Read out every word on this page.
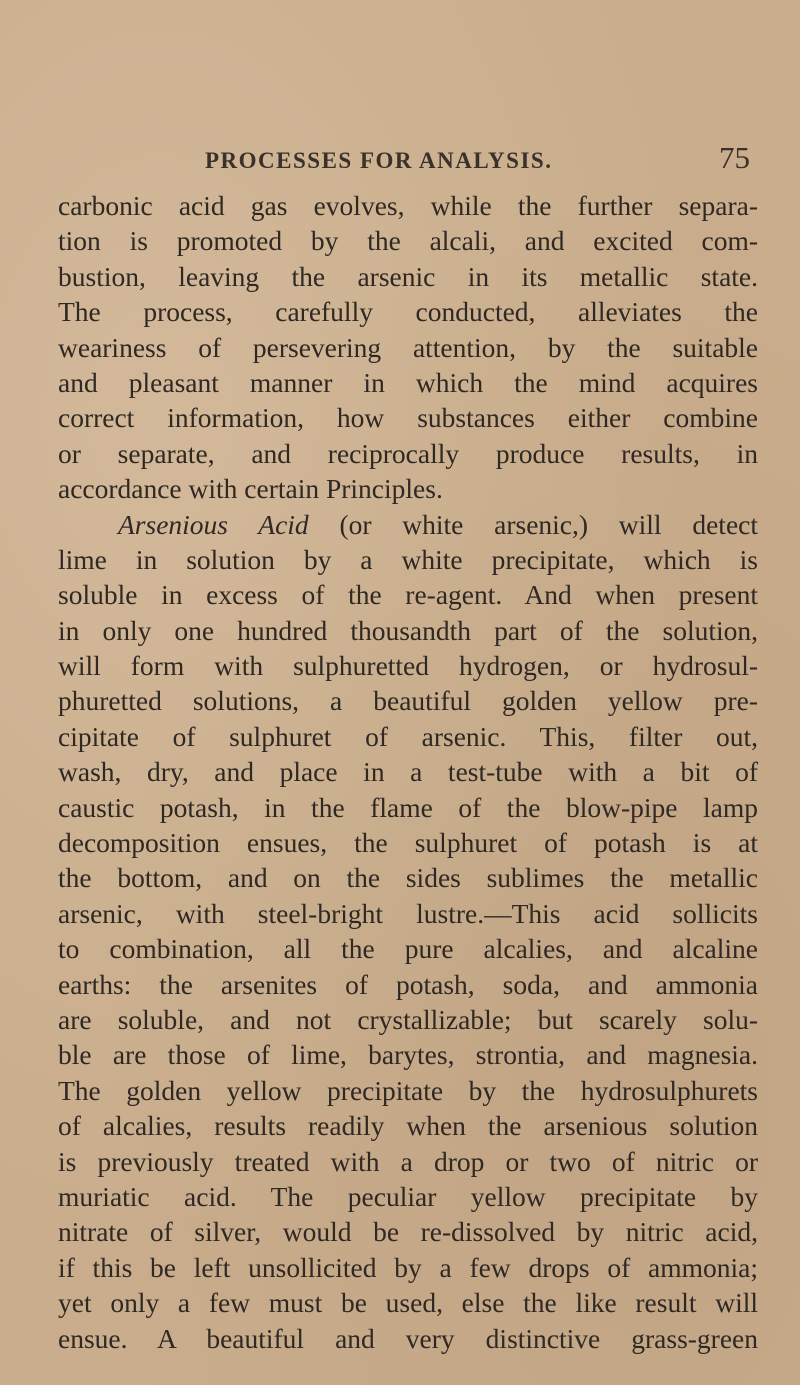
PROCESSES FOR ANALYSIS.	75
carbonic acid gas evolves, while the further separa-
tion is promoted by the alcali, and excited com-
bustion, leaving the arsenic in its metallic state.
The process, carefully conducted, alleviates the
weariness of persevering attention, by the suitable
and pleasant manner in which the mind acquires
correct information, how substances either combine
or separate, and reciprocally produce results, in
accordance with certain Principles.
Arsenious Acid (or white arsenic,) will detect
lime in solution by a white precipitate, which is
soluble in excess of the re-agent. And when present
in only one hundred thousandth part of the solution,
will form with sulphuretted hydrogen, or hydrosul-
phuretted solutions, a beautiful golden yellow pre-
cipitate of sulphuret of arsenic. This, filter out,
wash, dry, and place in a test-tube with a bit of
caustic potash, in the flame of the blow-pipe lamp
decomposition ensues, the sulphuret of potash is at
the bottom, and on the sides sublimes the metallic
arsenic, with steel-bright lustre.—This acid sollicits
to combination, all the pure alcalies, and alcaline
earths: the arsenites of potash, soda, and ammonia
are soluble, and not crystallizable; but scarely solu-
ble are those of lime, barytes, strontia, and magnesia.
The golden yellow precipitate by the hydrosulphurets
of alcalies, results readily when the arsenious solution
is previously treated with a drop or two of nitric or
muriatic acid. The peculiar yellow precipitate by
nitrate of silver, would be re-dissolved by nitric acid,
if this be left unsollicited by a few drops of ammonia;
yet only a few must be used, else the like result will
ensue. A beautiful and very distinctive grass-green
